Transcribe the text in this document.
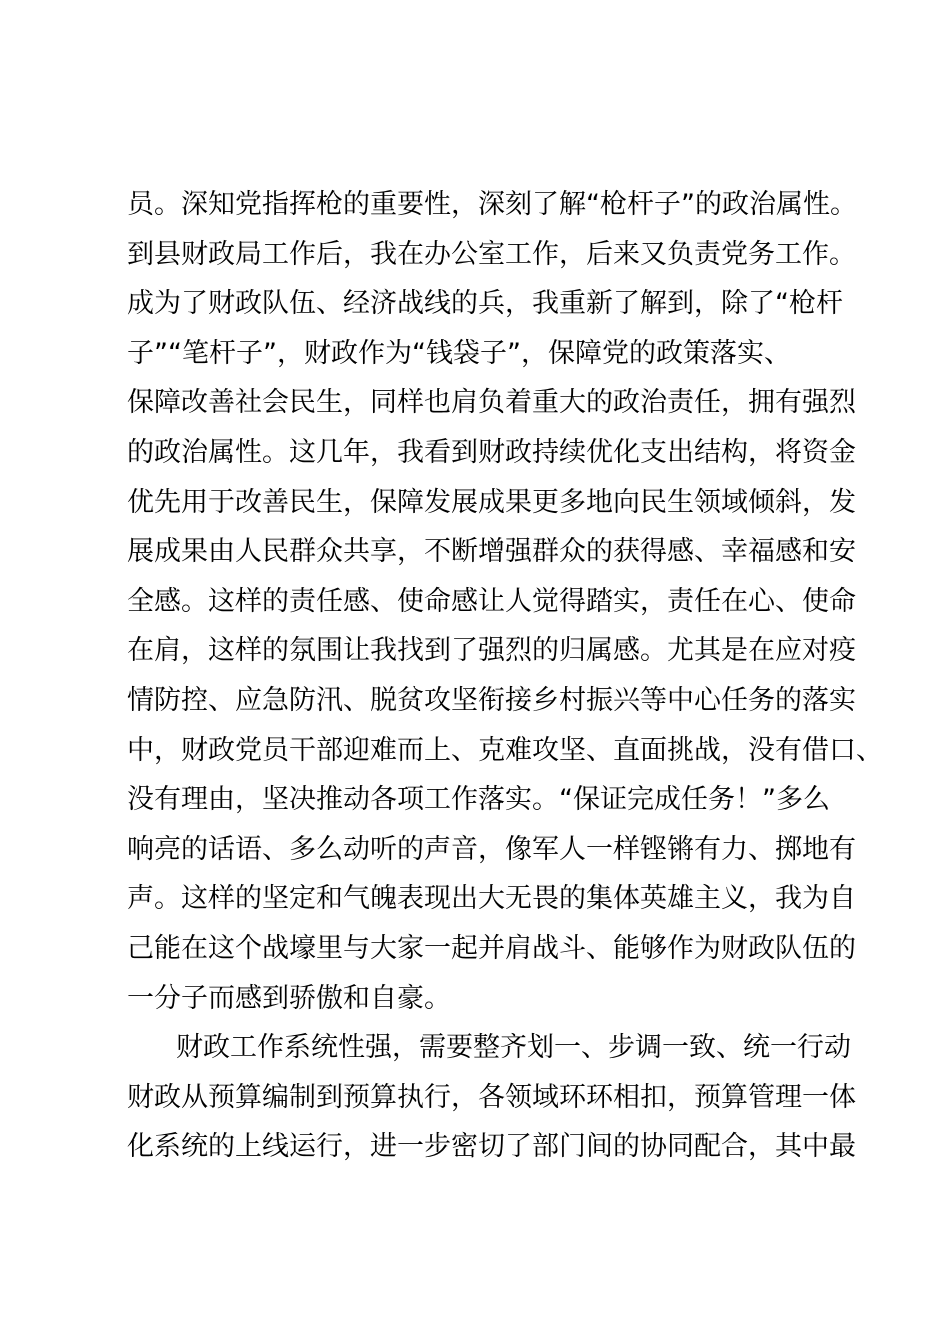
员。深知党指挥枪的重要性，深刻了解“枪杆子”的政治属性。
到县财政局工作后，我在办公室工作，后来又负责党务工作。
成为了财政队伍、经济战线的兵，我重新了解到，除了“枪杆
子”“笔杆子”，财政作为“钱袋子”，保障党的政策落实、
保障改善社会民生，同样也肩负着重大的政治责任，拥有强烈
的政治属性。这几年，我看到财政持续优化支出结构，将资金
优先用于改善民生，保障发展成果更多地向民生领域倾斜，发
展成果由人民群众共享，不断增强群众的获得感、幸福感和安
全感。这样的责任感、使命感让人觉得踏实，责任在心、使命
在肩，这样的氛围让我找到了强烈的归属感。尤其是在应对疫
情防控、应急防汛、脱贫攻坚衔接乡村振兴等中心任务的落实
中，财政党员干部迎难而上、克难攻坚、直面挑战，没有借口、
没有理由，坚决推动各项工作落实。“保证完成任务！”多么
响亮的话语、多么动听的声音，像军人一样铿锵有力、掷地有
声。这样的坚定和气魄表现出大无畏的集体英雄主义，我为自
己能在这个战壕里与大家一起并肩战斗、能够作为财政队伍的
一分子而感到骄傲和自豪。
财政工作系统性强，需要整齐划一、步调一致、统一行动
财政从预算编制到预算执行，各领域环环相扣，预算管理一体
化系统的上线运行，进一步密切了部门间的协同配合，其中最
